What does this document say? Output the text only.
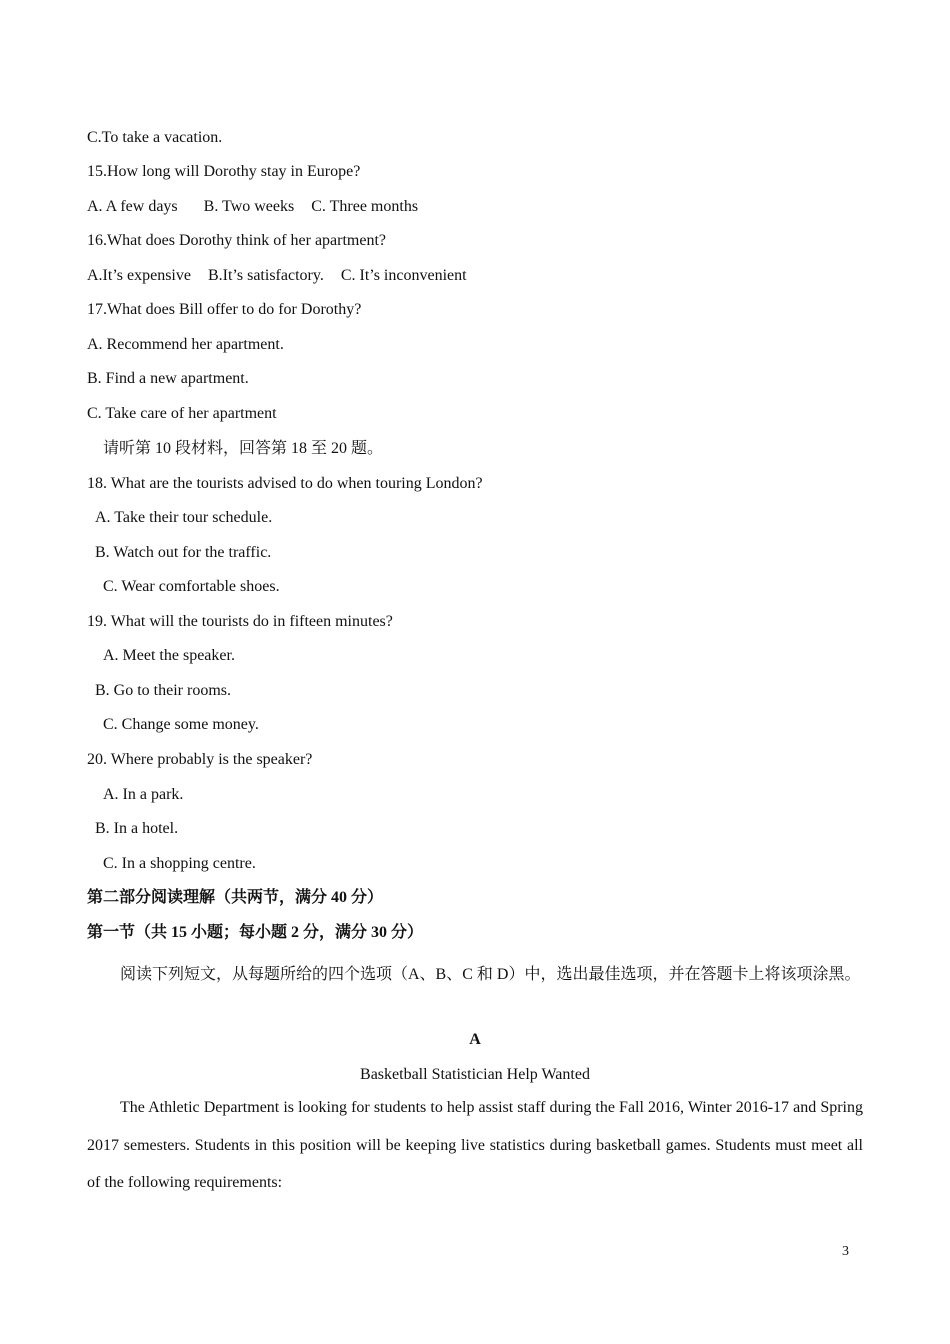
C.To take a vacation.
15.How long will Dorothy stay in Europe?
A. A few days B. Two weeks C. Three months
16.What does Dorothy think of her apartment?
A.It’s expensive B.It’s satisfactory. C. It’s inconvenient
17.What does Bill offer to do for Dorothy?
A. Recommend her apartment.
B. Find a new apartment.
C. Take care of her apartment
请听第 10 段材料，回答第 18 至 20 题。
18. What are the tourists advised to do when touring London?
A. Take their tour schedule.
B. Watch out for the traffic.
C. Wear comfortable shoes.
19. What will the tourists do in fifteen minutes?
A. Meet the speaker.
B. Go to their rooms.
C. Change some money.
20. Where probably is the speaker?
A. In a park.
B. In a hotel.
C. In a shopping centre.
第二部分阅读理解（共两节，满分 40 分）
第一节（共 15 小题；每小题 2 分，满分 30 分）
阅读下列短文，从每题所给的四个选项（A、B、C 和 D）中，选出最佳选项，并在答题卡上将该项涂黑。
A
Basketball Statistician Help Wanted
The Athletic Department is looking for students to help assist staff during the Fall 2016, Winter 2016-17 and Spring 2017 semesters. Students in this position will be keeping live statistics during basketball games. Students must meet all of the following requirements:
3
